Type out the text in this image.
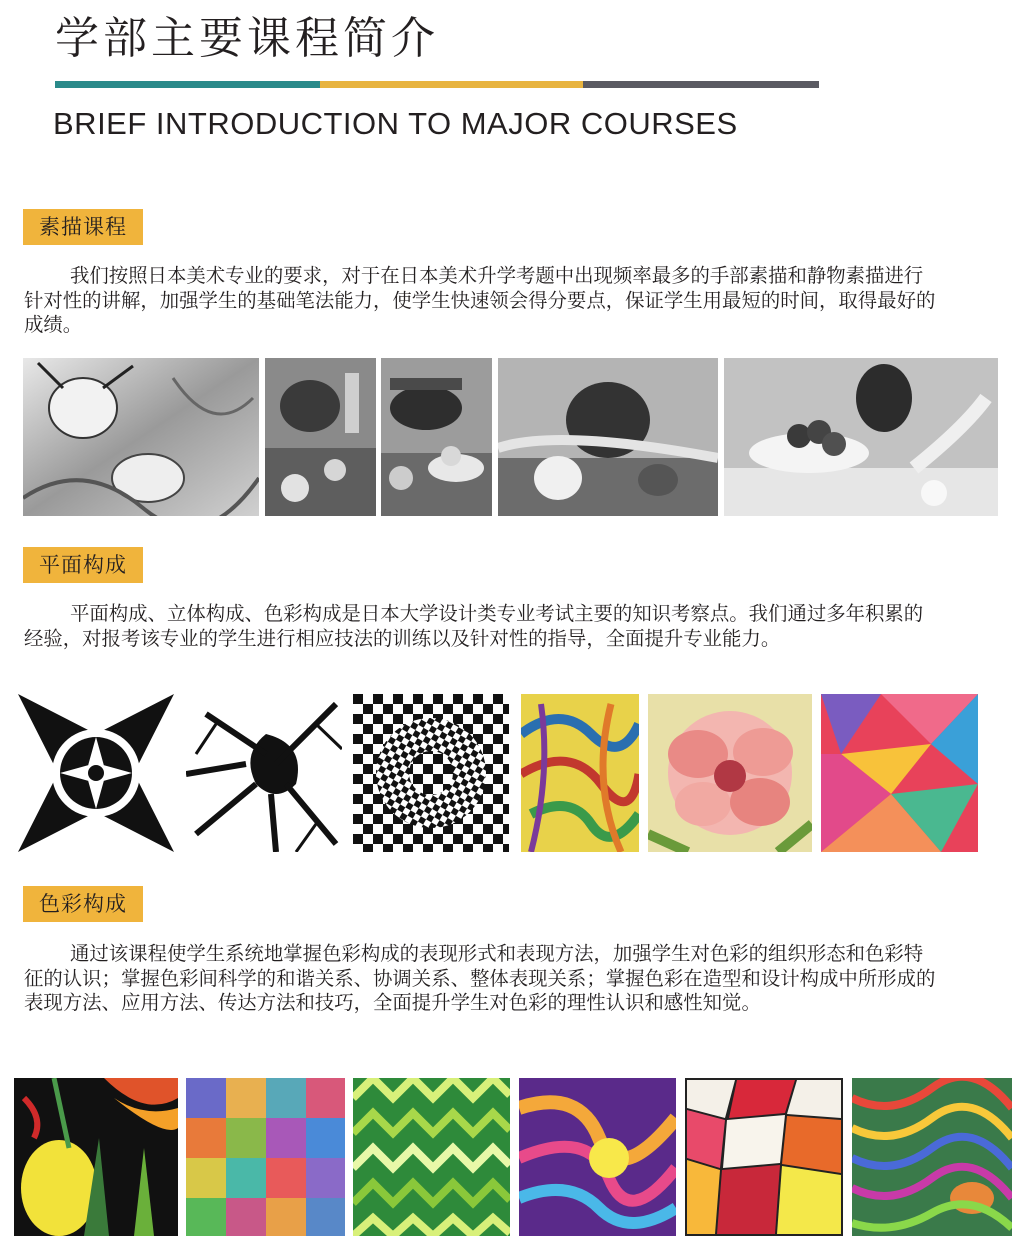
学部主要课程简介
BRIEF INTRODUCTION TO MAJOR COURSES
素描课程

我们按照日本美术专业的要求，对于在日本美术升学考题中出现频率最多的手部素描和静物素描进行针对性的讲解，加强学生的基础笔法能力，使学生快速领会得分要点，保证学生用最短的时间，取得最好的成绩。

平面构成

平面构成、立体构成、色彩构成是日本大学设计类专业考试主要的知识考察点。我们通过多年积累的经验，对报考该专业的学生进行相应技法的训练以及针对性的指导，全面提升专业能力。

色彩构成

通过该课程使学生系统地掌握色彩构成的表现形式和表现方法，加强学生对色彩的组织形态和色彩特征的认识；掌握色彩间科学的和谐关系、协调关系、整体表现关系；掌握色彩在造型和设计构成中所形成的表现方法、应用方法、传达方法和技巧，全面提升学生对色彩的理性认识和感性知觉。
